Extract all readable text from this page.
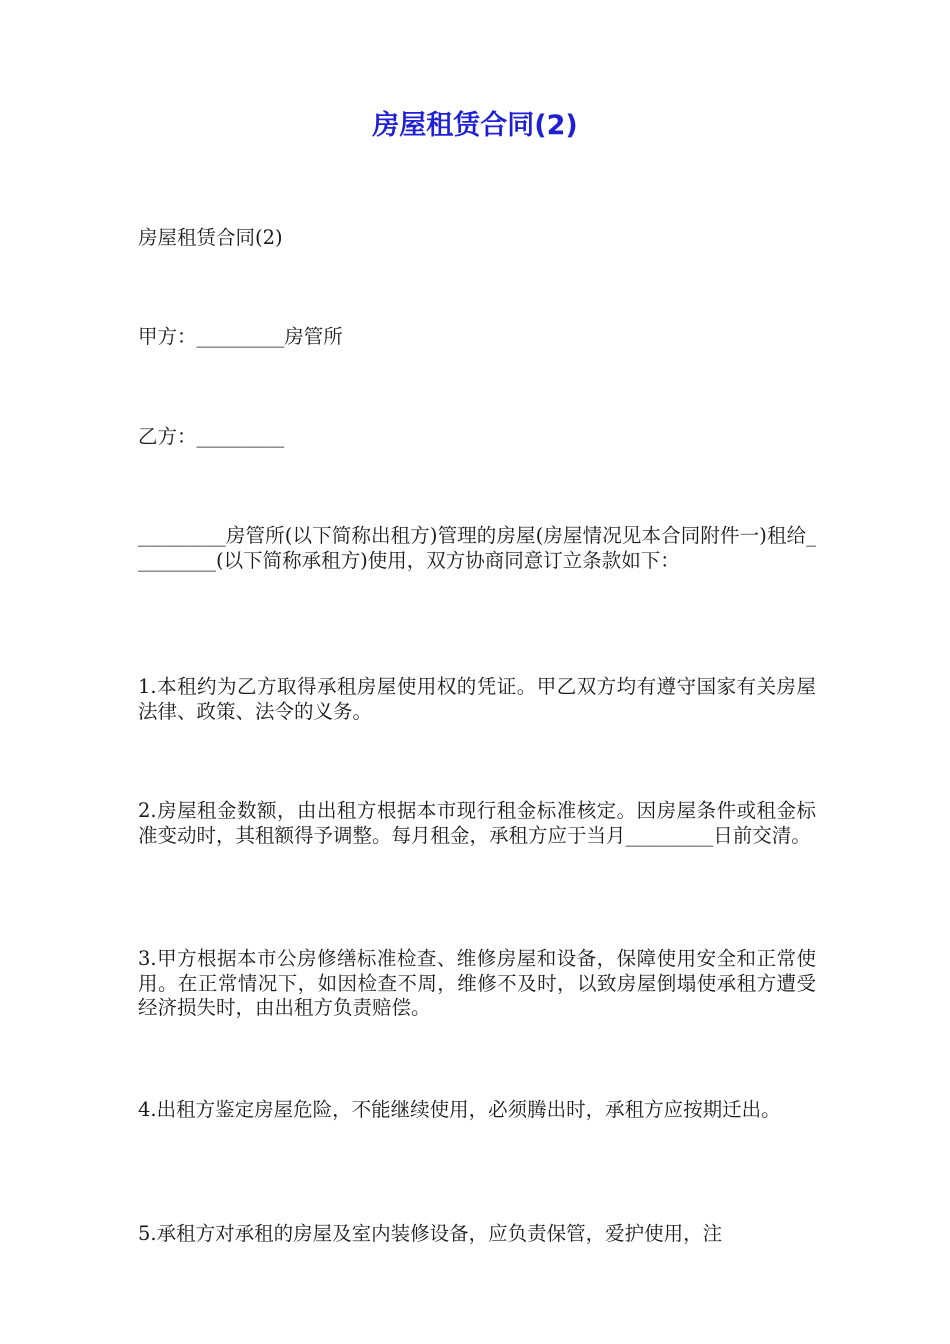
房屋租赁合同(2)

房屋租赁合同(2)

甲方：_________房管所

乙方：_________

_________房管所(以下简称出租方)管理的房屋(房屋情况见本合同附件一)租给_________(以下简称承租方)使用，双方协商同意订立条款如下：

1.本租约为乙方取得承租房屋使用权的凭证。甲乙双方均有遵守国家有关房屋法律、政策、法令的义务。

2.房屋租金数额，由出租方根据本市现行租金标准核定。因房屋条件或租金标准变动时，其租额得予调整。每月租金，承租方应于当月_________日前交清。

3.甲方根据本市公房修缮标准检查、维修房屋和设备，保障使用安全和正常使用。在正常情况下，如因检查不周，维修不及时，以致房屋倒塌使承租方遭受经济损失时，由出租方负责赔偿。

4.出租方鉴定房屋危险，不能继续使用，必须腾出时，承租方应按期迁出。

5.承租方对承租的房屋及室内装修设备，应负责保管，爱护使用，注
